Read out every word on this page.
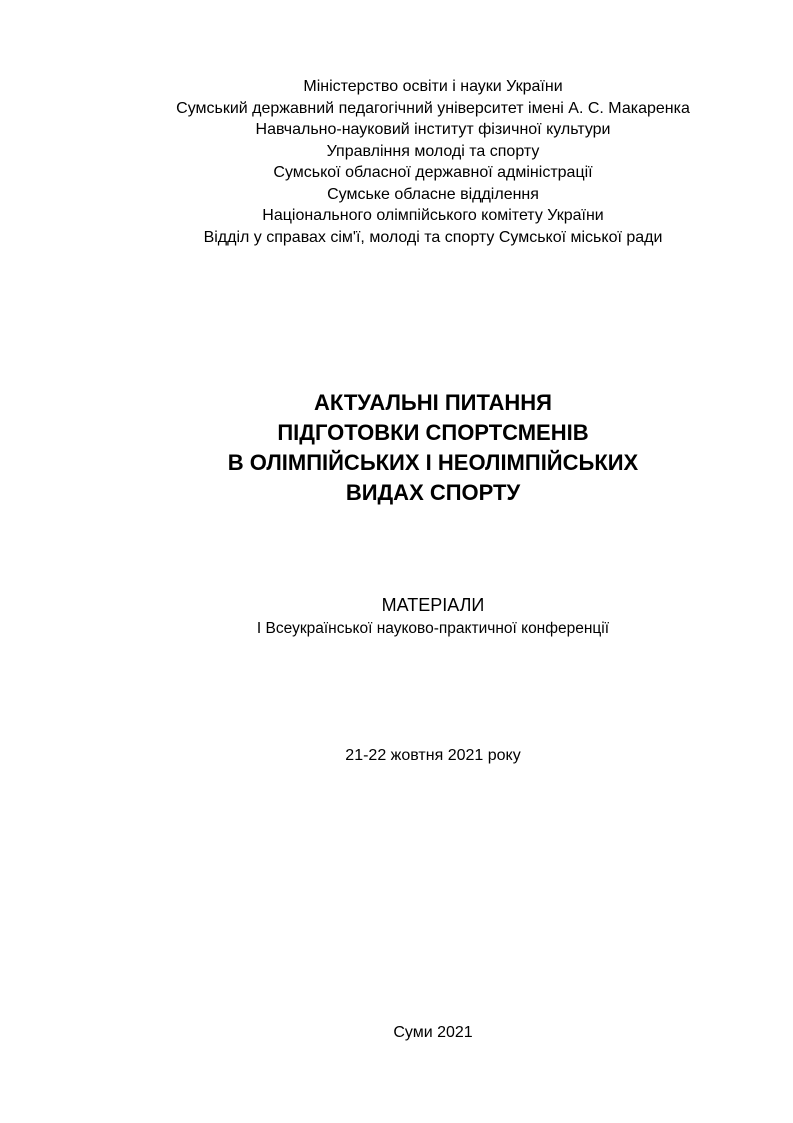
Міністерство освіти і науки України
Сумський державний педагогічний університет імені А. С. Макаренка
Навчально-науковий інститут фізичної культури
Управління молоді та спорту
Сумської обласної державної адміністрації
Сумське обласне відділення
Національного олімпійського комітету України
Відділ у справах сім'ї, молоді та спорту Сумської міської ради
АКТУАЛЬНІ ПИТАННЯ
ПІДГОТОВКИ СПОРТСМЕНІВ
В ОЛІМПІЙСЬКИХ І НЕОЛІМПІЙСЬКИХ
ВИДАХ СПОРТУ
МАТЕРІАЛИ
І Всеукраїнської науково-практичної конференції
21-22 жовтня 2021 року
Суми 2021
